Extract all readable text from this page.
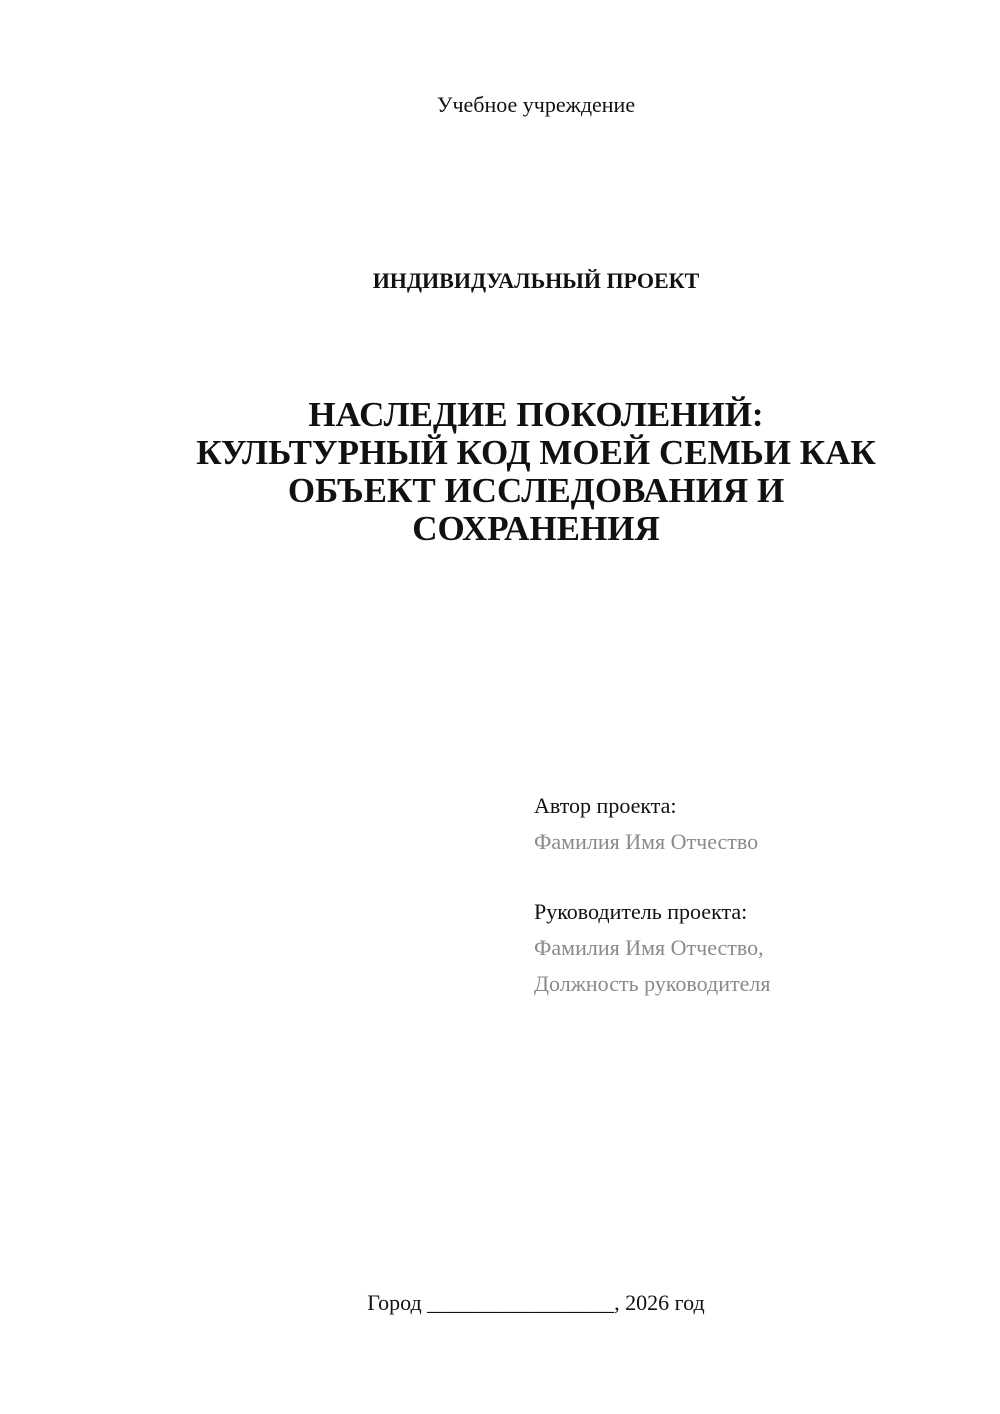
Учебное учреждение
ИНДИВИДУАЛЬНЫЙ ПРОЕКТ
НАСЛЕДИЕ ПОКОЛЕНИЙ:
КУЛЬТУРНЫЙ КОД МОЕЙ СЕМЬИ КАК
ОБЪЕКТ ИССЛЕДОВАНИЯ И
СОХРАНЕНИЯ
Автор проекта:
Фамилия Имя Отчество
Руководитель проекта:
Фамилия Имя Отчество,
Должность руководителя
Город _________________, 2026 год
